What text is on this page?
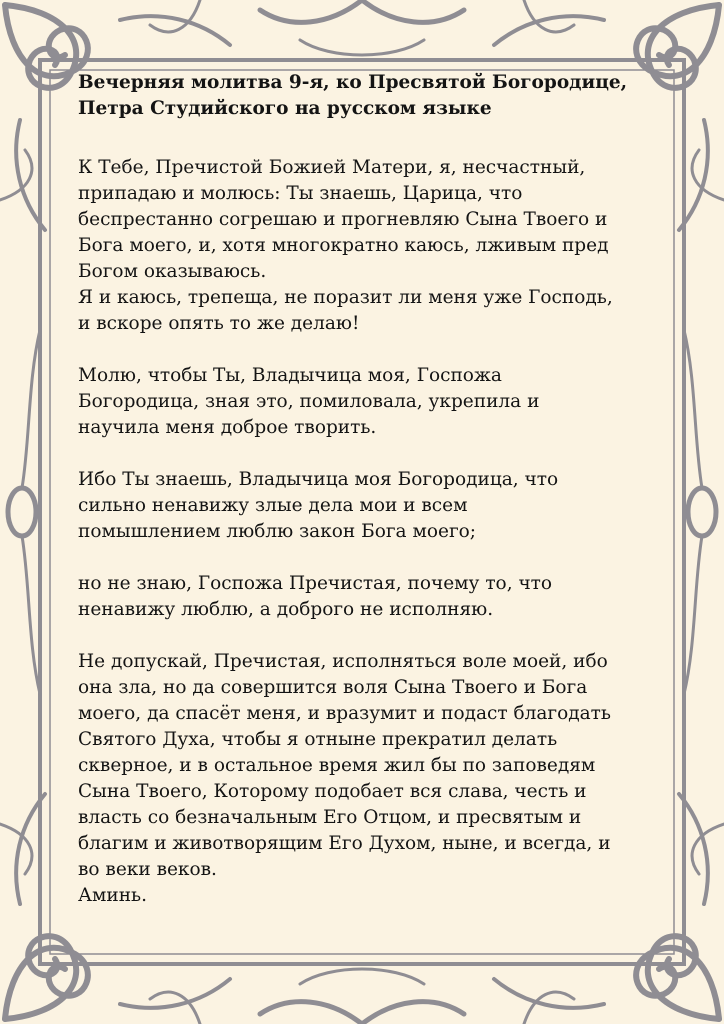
Вечерняя молитва 9-я, ко Пресвятой Богородице,
Петра Студийского на русском языке
К Тебе, Пречистой Божией Матери, я, несчастный,
припадаю и молюсь: Ты знаешь, Царица, что
беспрестанно согрешаю и прогневляю Сына Твоего и
Бога моего, и, хотя многократно каюсь, лживым пред
Богом оказываюсь.
Я и каюсь, трепеща, не поразит ли меня уже Господь,
и вскоре опять то же делаю!
Молю, чтобы Ты, Владычица моя, Госпожа
Богородица, зная это, помиловала, укрепила и
научила меня доброе творить.
Ибо Ты знаешь, Владычица моя Богородица, что
сильно ненавижу злые дела мои и всем
помышлением люблю закон Бога моего;
но не знаю, Госпожа Пречистая, почему то, что
ненавижу люблю, а доброго не исполняю.
Не допускай, Пречистая, исполняться воле моей, ибо
она зла, но да совершится воля Сына Твоего и Бога
моего, да спасёт меня, и вразумит и подаст благодать
Святого Духа, чтобы я отныне прекратил делать
скверное, и в остальное время жил бы по заповедям
Сына Твоего, Которому подобает вся слава, честь и
власть со безначальным Его Отцом, и пресвятым и
благим и животворящим Его Духом, ныне, и всегда, и
во веки веков.
Аминь.
